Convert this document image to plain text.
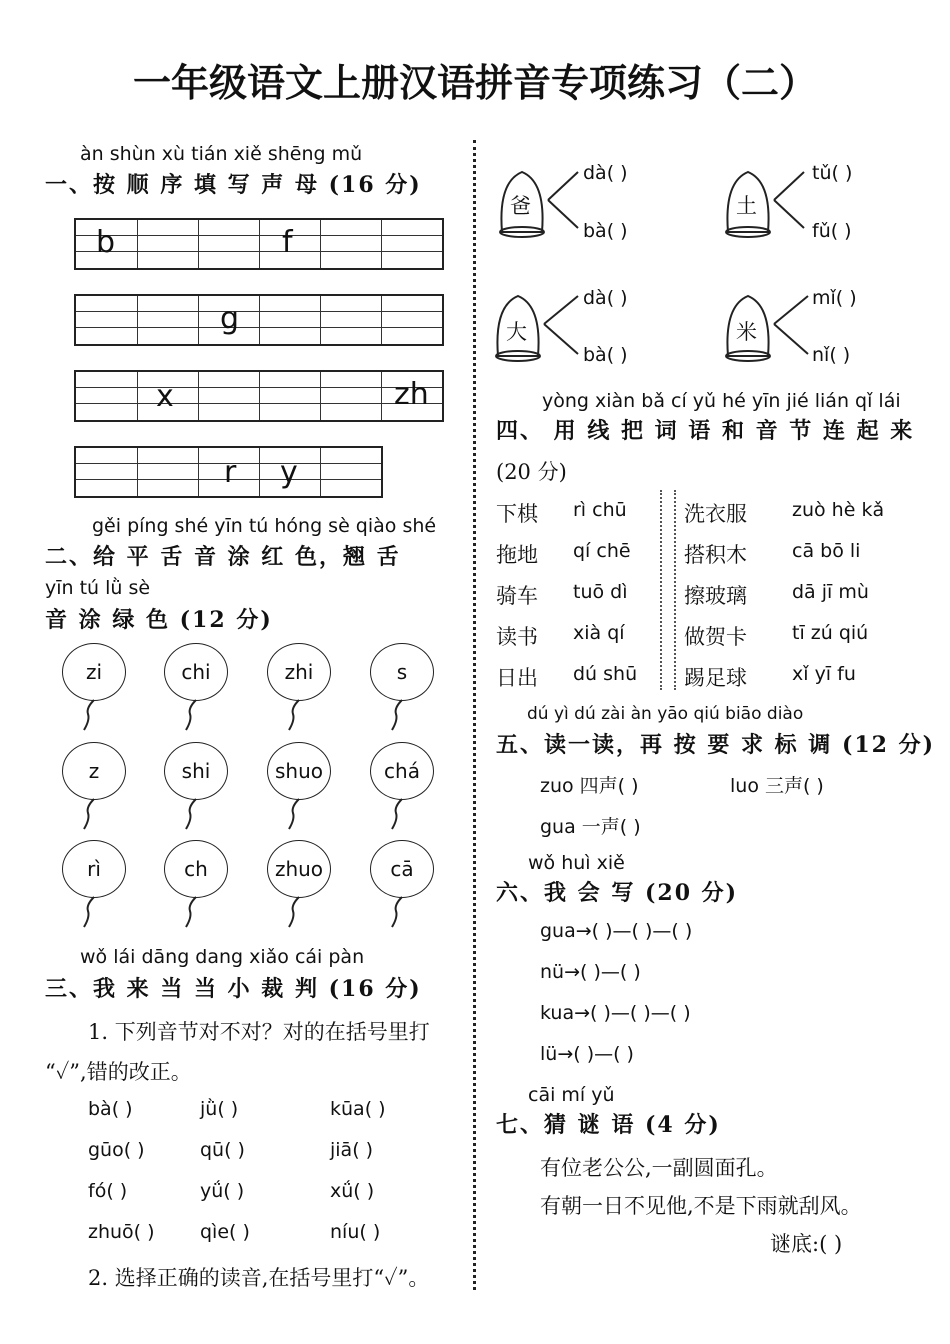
一年级语文上册汉语拼音专项练习（二）
àn shùn xù tián xiě shēng mǔ
一、按 顺 序 填 写 声 母 (16 分)
b	f
g
x	zh
r y
gěi píng shé yīn tú hóng sè qiào shé
二、给 平 舌 音 涂 红 色，翘 舌
yīn tú lǜ sè
音 涂 绿 色 (12 分)
zi	chi	zhi	s
z	shi	shuo	chá
rì	ch	zhuo	cā
wǒ lái dāng dang xiǎo cái pàn
三、我 来 当 当 小 裁 判 (16 分)
1. 下列音节对不对？对的在括号里打
“✓”,错的改正。
bà( )	jǜ( )	kūa( )
gūo( )	qū( )	jiā( )
fó( )	yǘ( )	xǘ( )
zhuō( ) qìe( )	níu( )
2. 选择正确的读音,在括号里打“✓”。
爸	土
大	米
dà( )
bà( )
tǔ( )
fǔ( )
dà( )
bà( )
mǐ( )
nǐ( )
yòng xiàn bǎ cí yǔ hé yīn jié lián qǐ lái
四、 用 线 把 词 语 和 音 节 连 起 来
(20 分)
下棋 rì chū
拖地 qí chē
骑车 tuō dì
读书 xià qí
日出 dú shū
洗衣服 zuò hè kǎ
搭积木 cā bō li
擦玻璃 dā jī mù
做贺卡 tī zú qiú
踢足球 xǐ yī fu
dú yì dú zài àn yāo qiú biāo diào
五、读一读，再 按 要 求 标 调 (12 分)
zuo 四声( )	luo 三声( )
gua 一声( )
wǒ huì xiě
六、我 会 写 (20 分)
gua→( )—( )—( )
nü→( )—( )
kua→( )—( )—( )
lü→( )—( )
cāi mí yǔ
七、猜 谜 语 (4 分)
有位老公公,一副圆面孔。
有朝一日不见他,不是下雨就刮风。
谜底:( )
